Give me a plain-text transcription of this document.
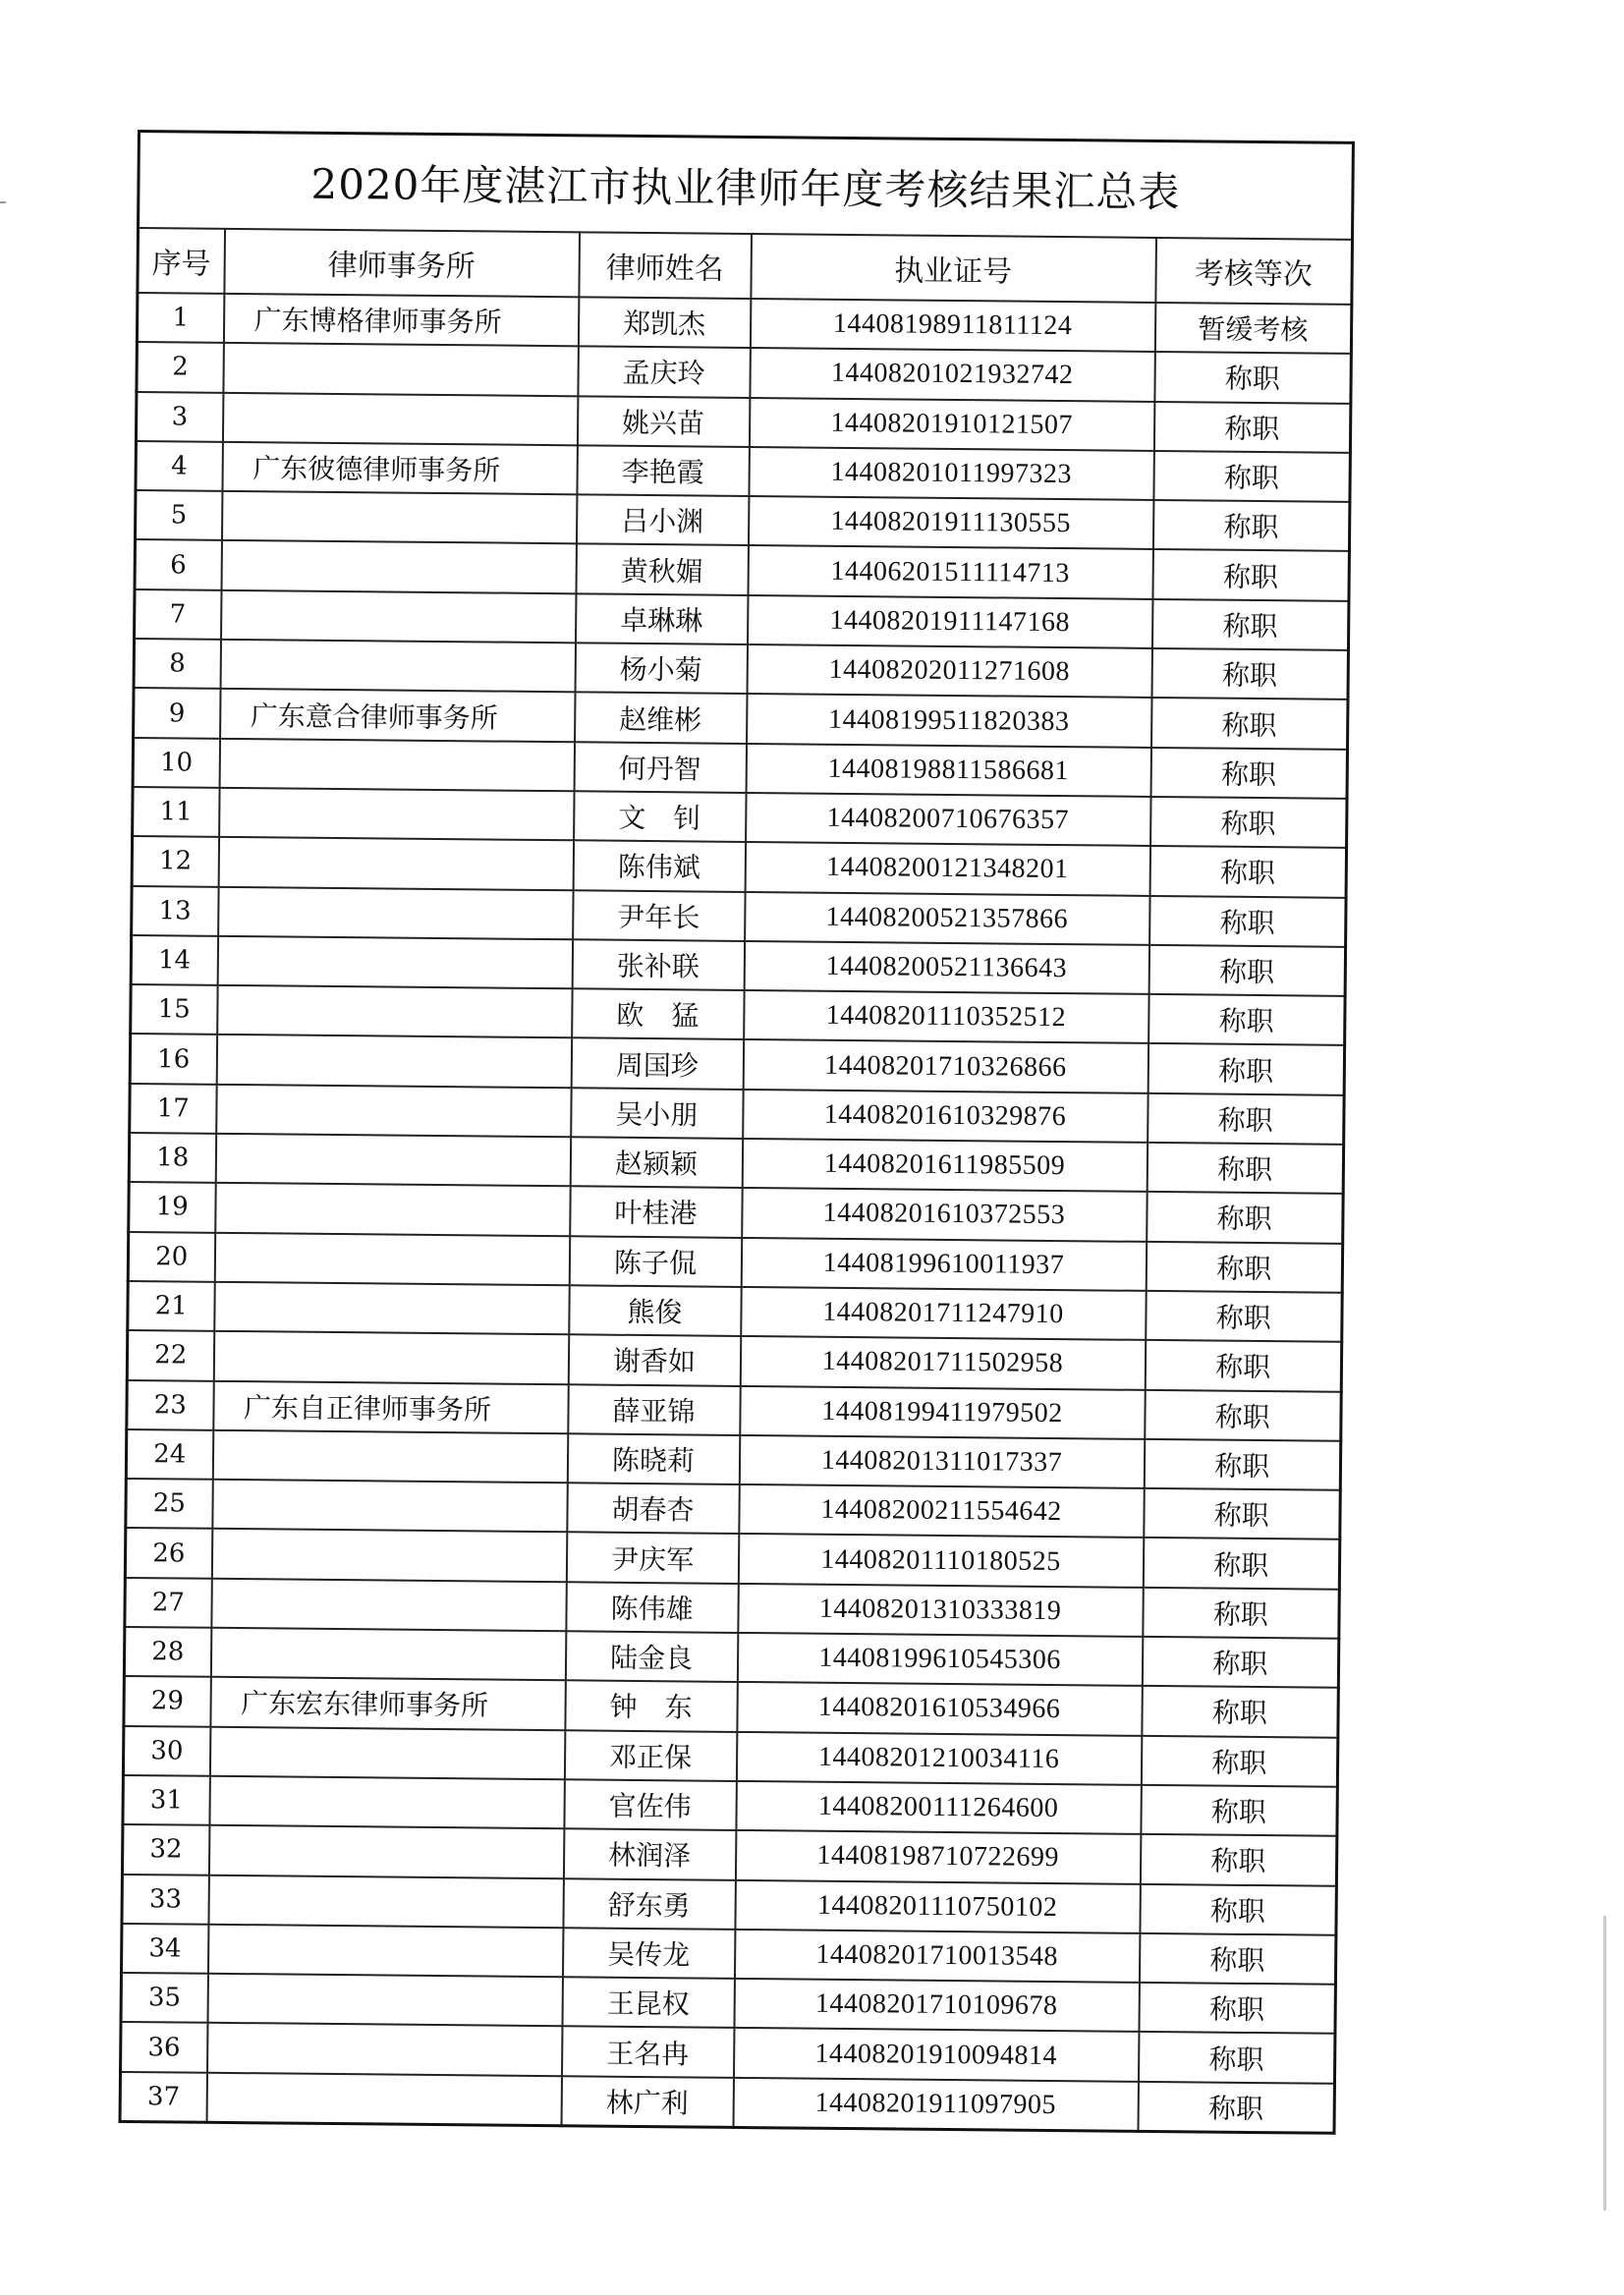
2020年度湛江市执业律师年度考核结果汇总表				
序号	律师事务所	律师姓名	执业证号	考核等次
1	广东博格律师事务所	郑凯杰	14408198911811124	暂缓考核
2		孟庆玲	14408201021932742	称职
3		姚兴苗	14408201910121507	称职
4	广东彼德律师事务所	李艳霞	14408201011997323	称职
5		吕小渊	14408201911130555	称职
6		黄秋媚	14406201511114713	称职
7		卓琳琳	14408201911147168	称职
8		杨小菊	14408202011271608	称职
9	广东意合律师事务所	赵维彬	14408199511820383	称职
10		何丹智	14408198811586681	称职
11		文　钊	14408200710676357	称职
12		陈伟斌	14408200121348201	称职
13		尹年长	14408200521357866	称职
14		张补联	14408200521136643	称职
15		欧　猛	14408201110352512	称职
16		周国珍	14408201710326866	称职
17		吴小朋	14408201610329876	称职
18		赵颍颖	14408201611985509	称职
19		叶桂港	14408201610372553	称职
20		陈子侃	14408199610011937	称职
21		熊俊	14408201711247910	称职
22		谢香如	14408201711502958	称职
23	广东自正律师事务所	薛亚锦	14408199411979502	称职
24		陈晓莉	14408201311017337	称职
25		胡春杏	14408200211554642	称职
26		尹庆军	14408201110180525	称职
27		陈伟雄	14408201310333819	称职
28		陆金良	14408199610545306	称职
29	广东宏东律师事务所	钟　东	14408201610534966	称职
30		邓正保	14408201210034116	称职
31		官佐伟	14408200111264600	称职
32		林润泽	14408198710722699	称职
33		舒东勇	14408201110750102	称职
34		吴传龙	14408201710013548	称职
35		王昆权	14408201710109678	称职
36		王名冉	14408201910094814	称职
37		林广利	14408201911097905	称职
